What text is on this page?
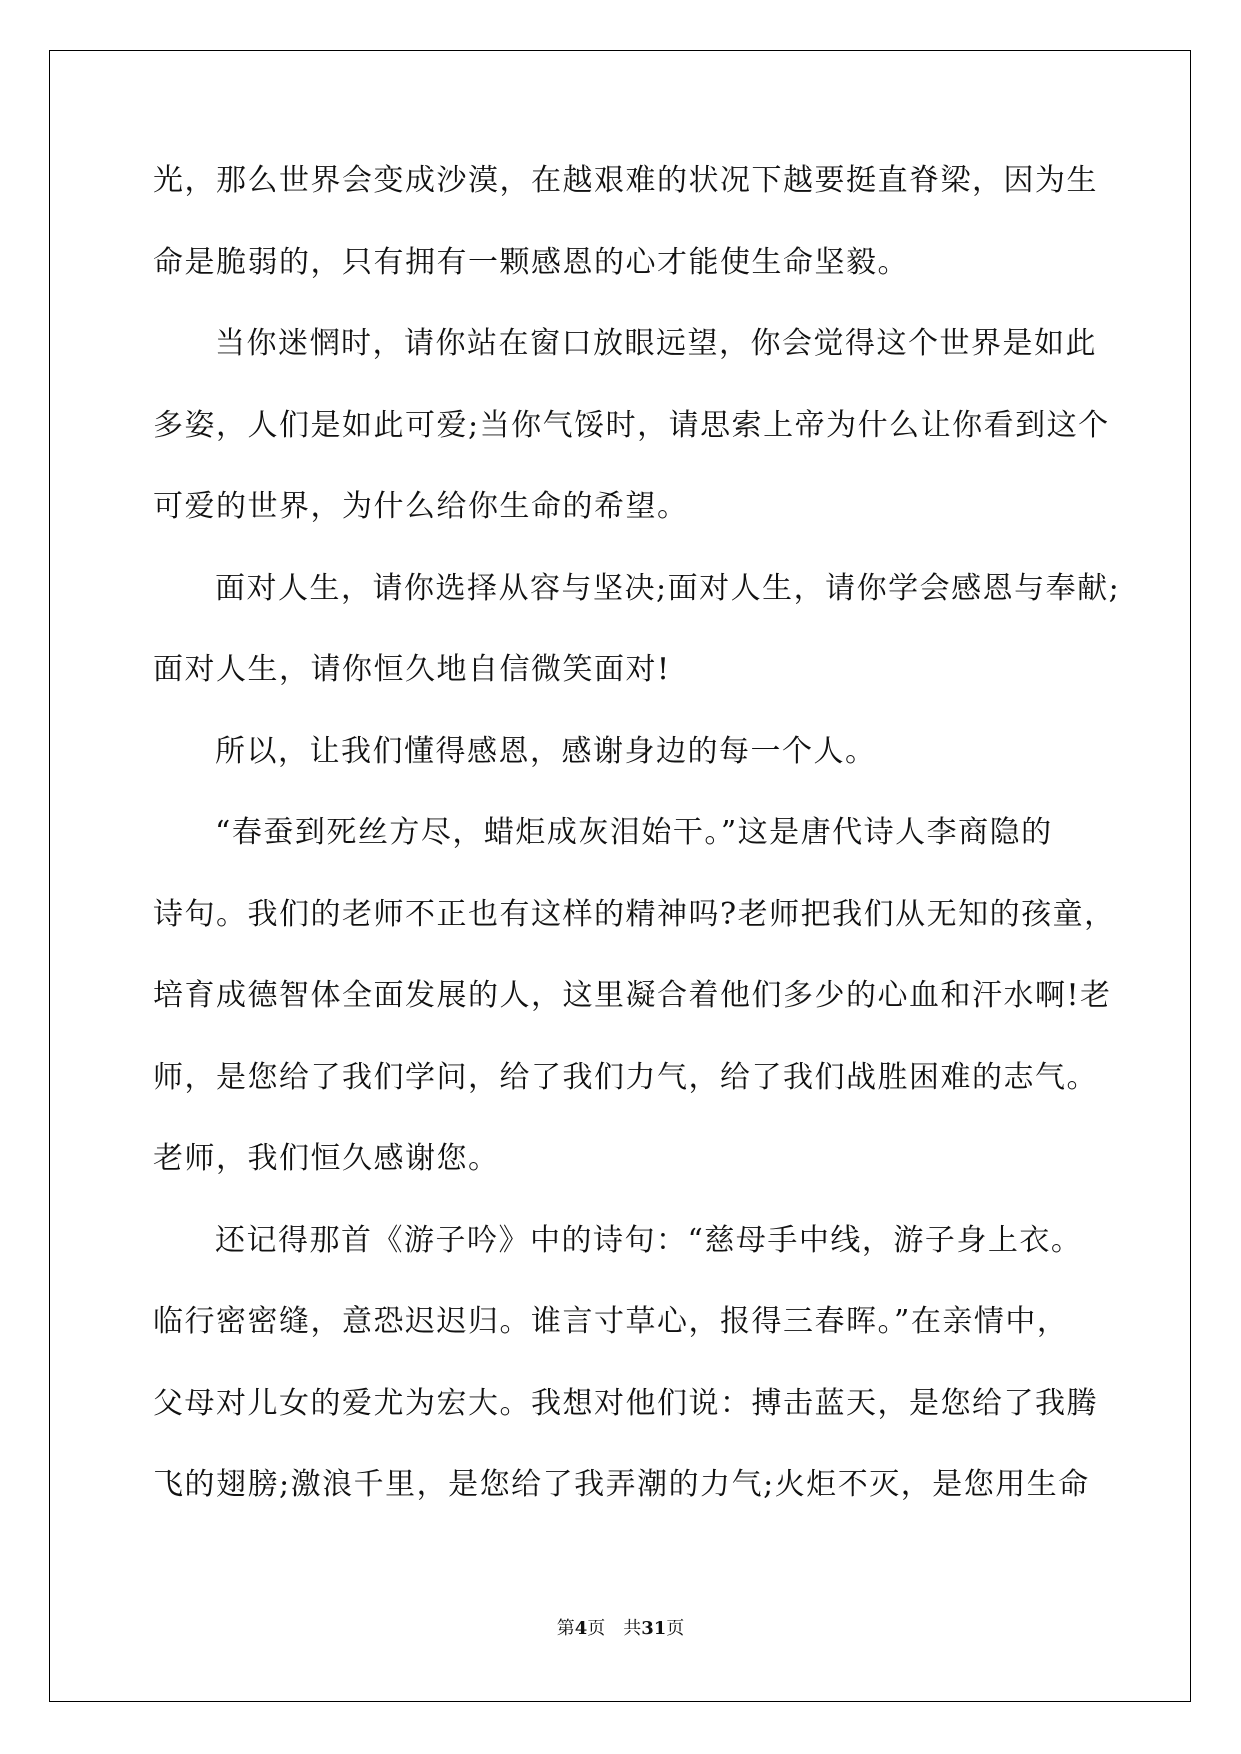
光，那么世界会变成沙漠，在越艰难的状况下越要挺直脊梁，因为生
命是脆弱的，只有拥有一颗感恩的心才能使生命坚毅。
当你迷惘时，请你站在窗口放眼远望，你会觉得这个世界是如此
多姿，人们是如此可爱;当你气馁时，请思索上帝为什么让你看到这个
可爱的世界，为什么给你生命的希望。
面对人生，请你选择从容与坚决;面对人生，请你学会感恩与奉献;
面对人生，请你恒久地自信微笑面对!
所以，让我们懂得感恩，感谢身边的每一个人。
“春蚕到死丝方尽，蜡炬成灰泪始干。”这是唐代诗人李商隐的
诗句。我们的老师不正也有这样的精神吗?老师把我们从无知的孩童，
培育成德智体全面发展的人，这里凝合着他们多少的心血和汗水啊!老
师，是您给了我们学问，给了我们力气，给了我们战胜困难的志气。
老师，我们恒久感谢您。
还记得那首《游子吟》中的诗句：“慈母手中线，游子身上衣。
临行密密缝，意恐迟迟归。谁言寸草心，报得三春晖。”在亲情中，
父母对儿女的爱尤为宏大。我想对他们说：搏击蓝天，是您给了我腾
飞的翅膀;激浪千里，是您给了我弄潮的力气;火炬不灭，是您用生命
第4页 共31页
